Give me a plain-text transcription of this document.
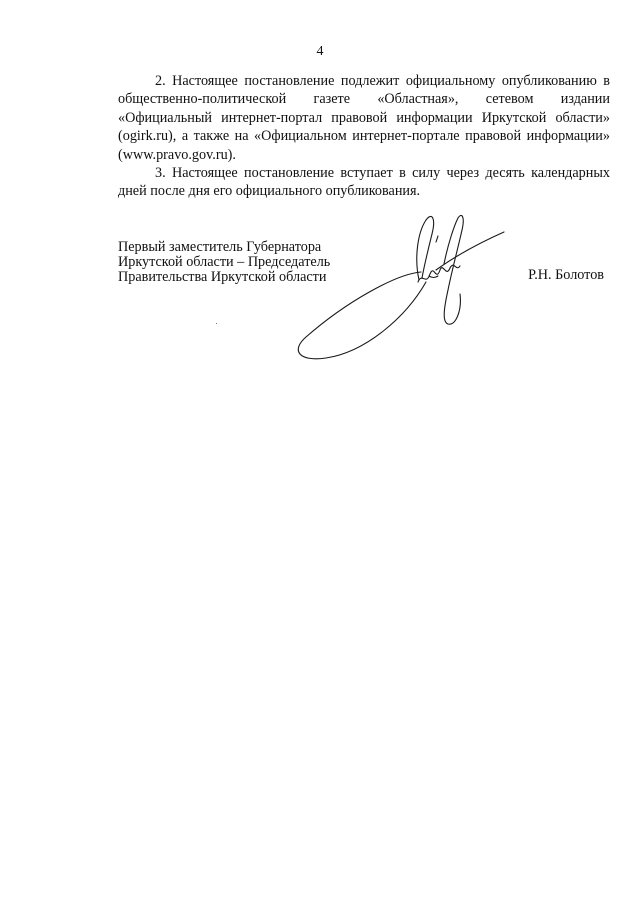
4

2. Настоящее постановление подлежит официальному опубликованию в общественно-политической газете «Областная», сетевом издании «Официальный интернет-портал правовой информации Иркутской области» (ogirk.ru), а также на «Официальном интернет-портале правовой информации» (www.pravo.gov.ru).

3. Настоящее постановление вступает в силу через десять календарных дней после дня его официального опубликования.

Первый заместитель Губернатора
Иркутской области – Председатель
Правительства Иркутской области	Р.Н. Болотов
